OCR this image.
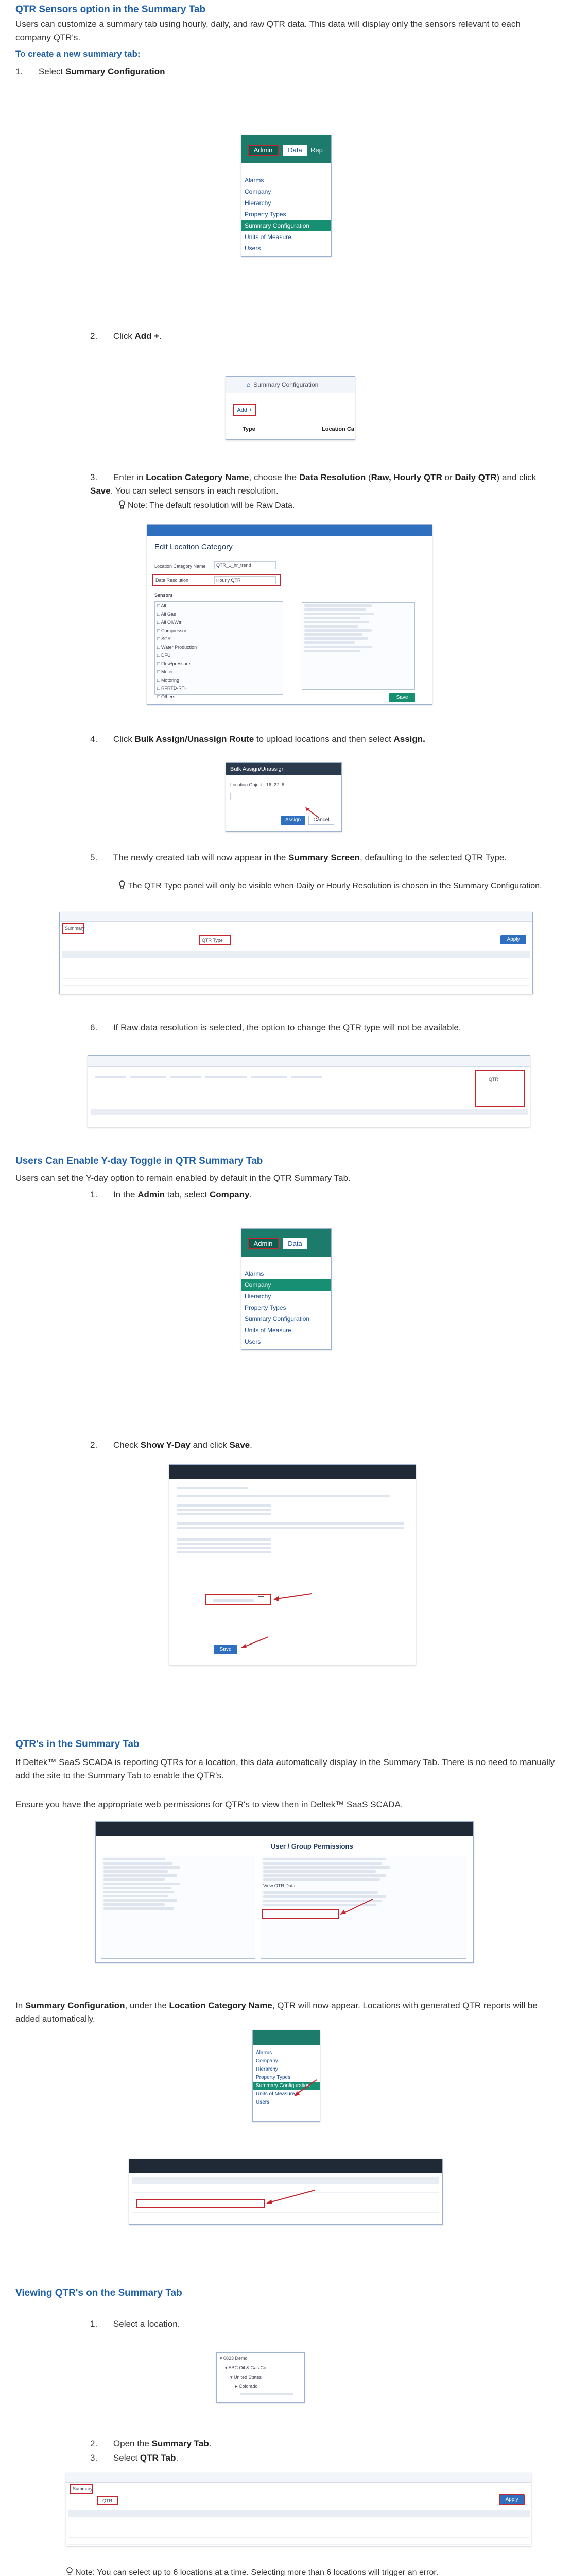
QTR Sensors option in the Summary Tab
Users can customize a summary tab using hourly, daily, and raw QTR data. This data will display only the sensors relevant to each company QTR's.
To create a new summary tab:
1. Select Summary Configuration
Admin	Data	Rep
Alarms
Company
Hierarchy
Property Types
Summary Configuration
Units of Measure
Users
2. Click Add +.
⌂ Summary Configuration
Add +
Type	Location Ca
3. Enter in Location Category Name, choose the Data Resolution (Raw, Hourly QTR or Daily QTR) and click Save. You can select sensors in each resolution.
Note: The default resolution will be Raw Data.
Edit Location Category
Location Category Name	QTR_1_hr_trend
Data Resolution	Hourly QTR
Sensors
□ All
□ All Gas
□ All Oil/Wtr
□ Compressor
□ SCR
□ Water Production
□ DFU
□ Flow/pressure
□ Meter
□ Motoring
□ RFRTD-RTH
□ Others	Save
4. Click Bulk Assign/Unassign Route to upload locations and then select Assign.
Bulk Assign/Unassign
Location Object : 16, 27, 8
Assign	Cancel
5. The newly created tab will now appear in the Summary Screen, defaulting to the selected QTR Type.
The QTR Type panel will only be visible when Daily or Hourly Resolution is chosen in the Summary Configuration.
Summary
QTR Type	Apply
6. If Raw data resolution is selected, the option to change the QTR type will not be available.
QTR
Users Can Enable Y-day Toggle in QTR Summary Tab
Users can set the Y-day option to remain enabled by default in the QTR Summary Tab.
1. In the Admin tab, select Company.
Admin	Data
Alarms
Company
Hierarchy
Property Types
Summary Configuration
Units of Measure
Users
2. Check Show Y-Day and click Save.
Save
QTR's in the Summary Tab
If Deltek™ SaaS SCADA is reporting QTRs for a location, this data automatically display in the Summary Tab. There is no need to manually add the site to the Summary Tab to enable the QTR's.
Ensure you have the appropriate web permissions for QTR's to view then in Deltek™ SaaS SCADA.
User / Group Permissions
View QTR Data
In Summary Configuration, under the Location Category Name, QTR will now appear. Locations with generated QTR reports will be added automatically.
Alarms
Company
Hierarchy
Property Types
Summary Configuration
Units of Measure
Users
Viewing QTR's on the Summary Tab
1. Select a location.
▾ 0823 Demo
▾ ABC Oil & Gas Co.
▾ United States
▸ Colorado
2. Open the Summary Tab.
3. Select QTR Tab.
Summary
QTR	Apply
Note: You can select up to 6 locations at a time. Selecting more than 6 locations will trigger an error.
